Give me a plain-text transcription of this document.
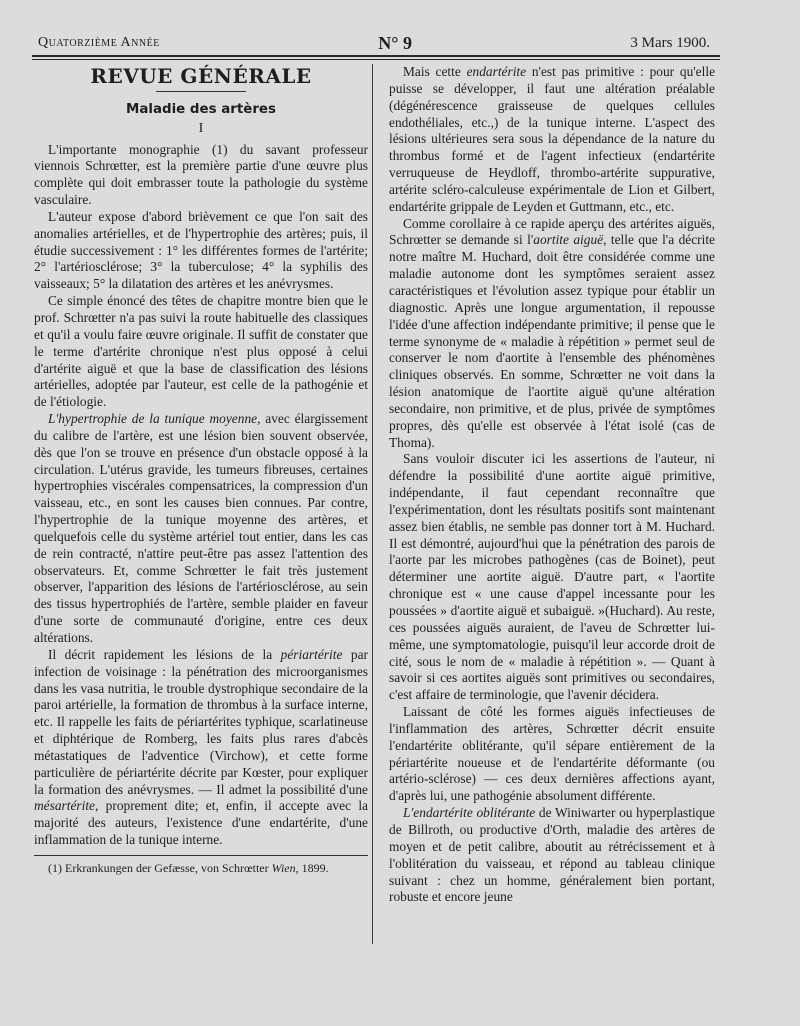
Quatorzième Année	N° 9	3 Mars 1900.
REVUE GÉNÉRALE
Maladie des artères
I

L'importante monographie (1) du savant professeur viennois Schrœtter, est la première partie d'une œuvre plus complète qui doit embrasser toute la pathologie du système vasculaire.

L'auteur expose d'abord brièvement ce que l'on sait des anomalies artérielles, et de l'hypertrophie des artères; puis, il étudie successivement : 1° les différentes formes de l'artérite; 2° l'artériosclérose; 3° la tuberculose; 4° la syphilis des vaisseaux; 5° la dilatation des artères et les anévrysmes.

Ce simple énoncé des têtes de chapitre montre bien que le prof. Schrœtter n'a pas suivi la route habituelle des classiques et qu'il a voulu faire œuvre originale. Il suffit de constater que le terme d'artérite chronique n'est plus opposé à celui d'artérite aiguë et que la base de classification des lésions artérielles, adoptée par l'auteur, est celle de la pathogénie et de l'étiologie.

L'hypertrophie de la tunique moyenne, avec élargissement du calibre de l'artère, est une lésion bien souvent observée, dès que l'on se trouve en présence d'un obstacle opposé à la circulation. L'utérus gravide, les tumeurs fibreuses, certaines hypertrophies viscérales compensatrices, la compression d'un vaisseau, etc., en sont les causes bien connues. Par contre, l'hypertrophie de la tunique moyenne des artères, et quelquefois celle du système artériel tout entier, dans les cas de rein contracté, n'attire peut-être pas assez l'attention des observateurs. Et, comme Schrœtter le fait très justement observer, l'apparition des lésions de l'artériosclérose, au sein des tissus hypertrophiés de l'artère, semble plaider en faveur d'une sorte de communauté d'origine, entre ces deux altérations.

Il décrit rapidement les lésions de la périartérite par infection de voisinage : la pénétration des microorganismes dans les vasa nutritia, le trouble dystrophique secondaire de la paroi artérielle, la formation de thrombus à la surface interne, etc. Il rappelle les faits de périartérites typhique, scarlatineuse et diphtérique de Romberg, les faits plus rares d'abcès métastatiques de l'adventice (Virchow), et cette forme particulière de périartérite décrite par Kœster, pour expliquer la formation des anévrysmes. — Il admet la possibilité d'une mésartérite, proprement dite; et, enfin, il accepte avec la majorité des auteurs, l'existence d'une endartérite, d'une inflammation de la tunique interne.

(1) Erkrankungen der Gefæsse, von Schrœtter Wien, 1899.

Mais cette endartérite n'est pas primitive : pour qu'elle puisse se développer, il faut une altération préalable (dégénérescence graisseuse de quelques cellules endothéliales, etc.,) de la tunique interne. L'aspect des lésions ultérieures sera sous la dépendance de la nature du thrombus formé et de l'agent infectieux (endartérite verruqueuse de Heydloff, thrombo-artérite suppurative, artérite scléro-calculeuse expérimentale de Lion et Gilbert, endartérite grippale de Leyden et Guttmann, etc., etc.

Comme corollaire à ce rapide aperçu des artérites aiguës, Schrœtter se demande si l'aortite aiguë, telle que l'a décrite notre maître M. Huchard, doit être considérée comme une maladie autonome dont les symptômes seraient assez caractéristiques et l'évolution assez typique pour établir un diagnostic. Après une longue argumentation, il repousse l'idée d'une affection indépendante primitive; il pense que le terme synonyme de « maladie à répétition » permet seul de conserver le nom d'aortite à l'ensemble des phénomènes cliniques observés. En somme, Schrœtter ne voit dans la lésion anatomique de l'aortite aiguë qu'une altération secondaire, non primitive, et de plus, privée de symptômes propres, dès qu'elle est observée à l'état isolé (cas de Thoma).

Sans vouloir discuter ici les assertions de l'auteur, ni défendre la possibilité d'une aortite aiguë primitive, indépendante, il faut cependant reconnaître que l'expérimentation, dont les résultats positifs sont maintenant assez bien établis, ne semble pas donner tort à M. Huchard. Il est démontré, aujourd'hui que la pénétration des parois de l'aorte par les microbes pathogènes (cas de Boinet), peut déterminer une aortite aiguë. D'autre part, « l'aortite chronique est « une cause d'appel incessante pour les poussées » d'aortite aiguë et subaiguë. »(Huchard). Au reste, ces poussées aiguës auraient, de l'aveu de Schrœtter lui-même, une symptomatologie, puisqu'il leur accorde droit de cité, sous le nom de « maladie à répétition ». — Quant à savoir si ces aortites aiguës sont primitives ou secondaires, c'est affaire de terminologie, que l'avenir décidera.

Laissant de côté les formes aiguës infectieuses de l'inflammation des artères, Schrœtter décrit ensuite l'endartérite oblitérante, qu'il sépare entièrement de la périartérite noueuse et de l'endartérite déformante (ou artério-sclérose) — ces deux dernières affections ayant, d'après lui, une pathogénie absolument différente.

L'endartérite oblitérante de Winiwarter ou hyperplastique de Billroth, ou productive d'Orth, maladie des artères de moyen et de petit calibre, aboutit au rétrécissement et à l'oblitération du vaisseau, et répond au tableau clinique suivant : chez un homme, généralement bien portant, robuste et encore jeune
